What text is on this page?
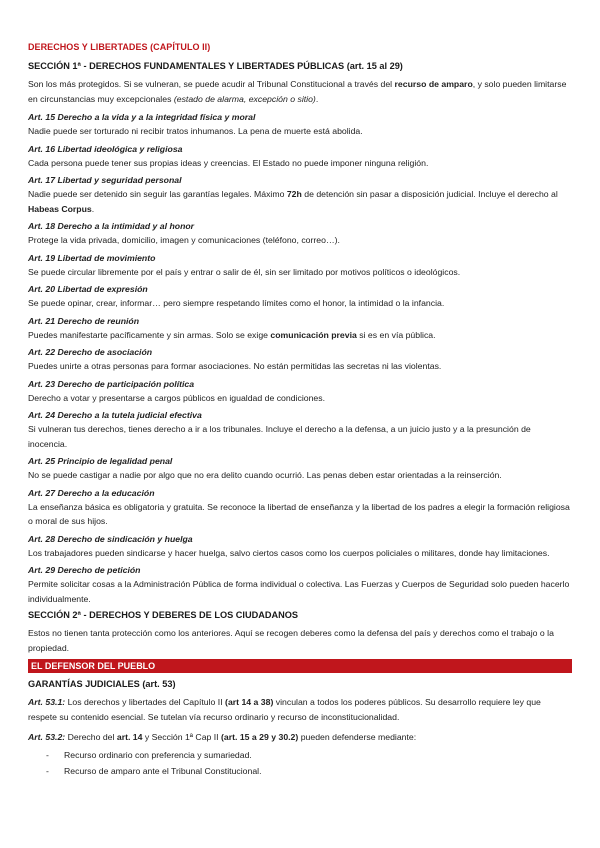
DERECHOS Y LIBERTADES (CAPÍTULO II)
SECCIÓN 1ª - DERECHOS FUNDAMENTALES Y LIBERTADES PÚBLICAS (art. 15 al 29)

Son los más protegidos. Si se vulneran, se puede acudir al Tribunal Constitucional a través del recurso de amparo, y solo pueden limitarse en circunstancias muy excepcionales (estado de alarma, excepción o sitio).

Art. 15 Derecho a la vida y a la integridad física y moral

Nadie puede ser torturado ni recibir tratos inhumanos. La pena de muerte está abolida.

Art. 16 Libertad ideológica y religiosa

Cada persona puede tener sus propias ideas y creencias. El Estado no puede imponer ninguna religión.

Art. 17 Libertad y seguridad personal

Nadie puede ser detenido sin seguir las garantías legales. Máximo 72h de detención sin pasar a disposición judicial. Incluye el derecho al Habeas Corpus.

Art. 18 Derecho a la intimidad y al honor

Protege la vida privada, domicilio, imagen y comunicaciones (teléfono, correo…).

Art. 19 Libertad de movimiento

Se puede circular libremente por el país y entrar o salir de él, sin ser limitado por motivos políticos o ideológicos.

Art. 20 Libertad de expresión

Se puede opinar, crear, informar… pero siempre respetando límites como el honor, la intimidad o la infancia.

Art. 21 Derecho de reunión

Puedes manifestarte pacíficamente y sin armas. Solo se exige comunicación previa si es en vía pública.

Art. 22 Derecho de asociación

Puedes unirte a otras personas para formar asociaciones. No están permitidas las secretas ni las violentas.

Art. 23 Derecho de participación política

Derecho a votar y presentarse a cargos públicos en igualdad de condiciones.

Art. 24 Derecho a la tutela judicial efectiva

Si vulneran tus derechos, tienes derecho a ir a los tribunales. Incluye el derecho a la defensa, a un juicio justo y a la presunción de inocencia.

Art. 25 Principio de legalidad penal

No se puede castigar a nadie por algo que no era delito cuando ocurrió. Las penas deben estar orientadas a la reinserción.

Art. 27 Derecho a la educación

La enseñanza básica es obligatoria y gratuita. Se reconoce la libertad de enseñanza y la libertad de los padres a elegir la formación religiosa o moral de sus hijos.

Art. 28 Derecho de sindicación y huelga

Los trabajadores pueden sindicarse y hacer huelga, salvo ciertos casos como los cuerpos policiales o militares, donde hay limitaciones.

Art. 29 Derecho de petición

Permite solicitar cosas a la Administración Pública de forma individual o colectiva. Las Fuerzas y Cuerpos de Seguridad solo pueden hacerlo individualmente.

SECCIÓN 2ª - DERECHOS Y DEBERES DE LOS CIUDADANOS

Estos no tienen tanta protección como los anteriores. Aquí se recogen deberes como la defensa del país y derechos como el trabajo o la propiedad.

EL DEFENSOR DEL PUEBLO
GARANTÍAS JUDICIALES (art. 53)

Art. 53.1: Los derechos y libertades del Capítulo II (art 14 a 38) vinculan a todos los poderes públicos. Su desarrollo requiere ley que respete su contenido esencial. Se tutelan vía recurso ordinario y recurso de inconstitucionalidad.

Art. 53.2: Derecho del art. 14 y Sección 1ª Cap II (art. 15 a 29 y 30.2) pueden defenderse mediante:

- Recurso ordinario con preferencia y sumariedad.
- Recurso de amparo ante el Tribunal Constitucional.
